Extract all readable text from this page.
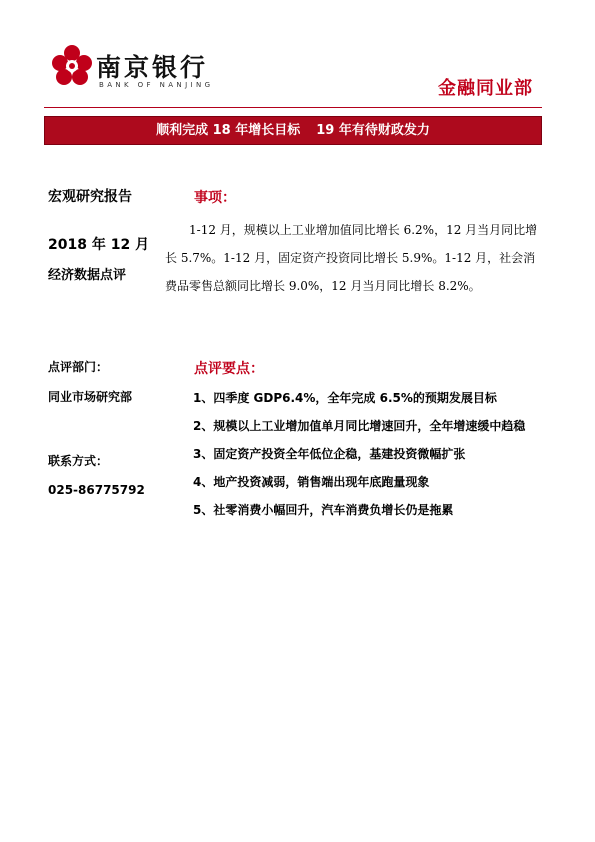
南京银行
BANK OF NANJING	金融同业部
顺利完成 18 年增长目标 19 年有待财政发力
宏观研究报告
2018 年 12 月
经济数据点评
点评部门：
同业市场研究部
联系方式：
025-86775792
事项：

1-12 月，规模以上工业增加值同比增长 6.2%，12 月当月同比增长 5.7%。1-12 月，固定资产投资同比增长 5.9%。1-12 月，社会消费品零售总额同比增长 9.0%，12 月当月同比增长 8.2%。

点评要点：
1、四季度 GDP6.4%，全年完成 6.5%的预期发展目标
2、规模以上工业增加值单月同比增速回升，全年增速缓中趋稳
3、固定资产投资全年低位企稳，基建投资微幅扩张
4、地产投资减弱，销售端出现年底跑量现象
5、社零消费小幅回升，汽车消费负增长仍是拖累
